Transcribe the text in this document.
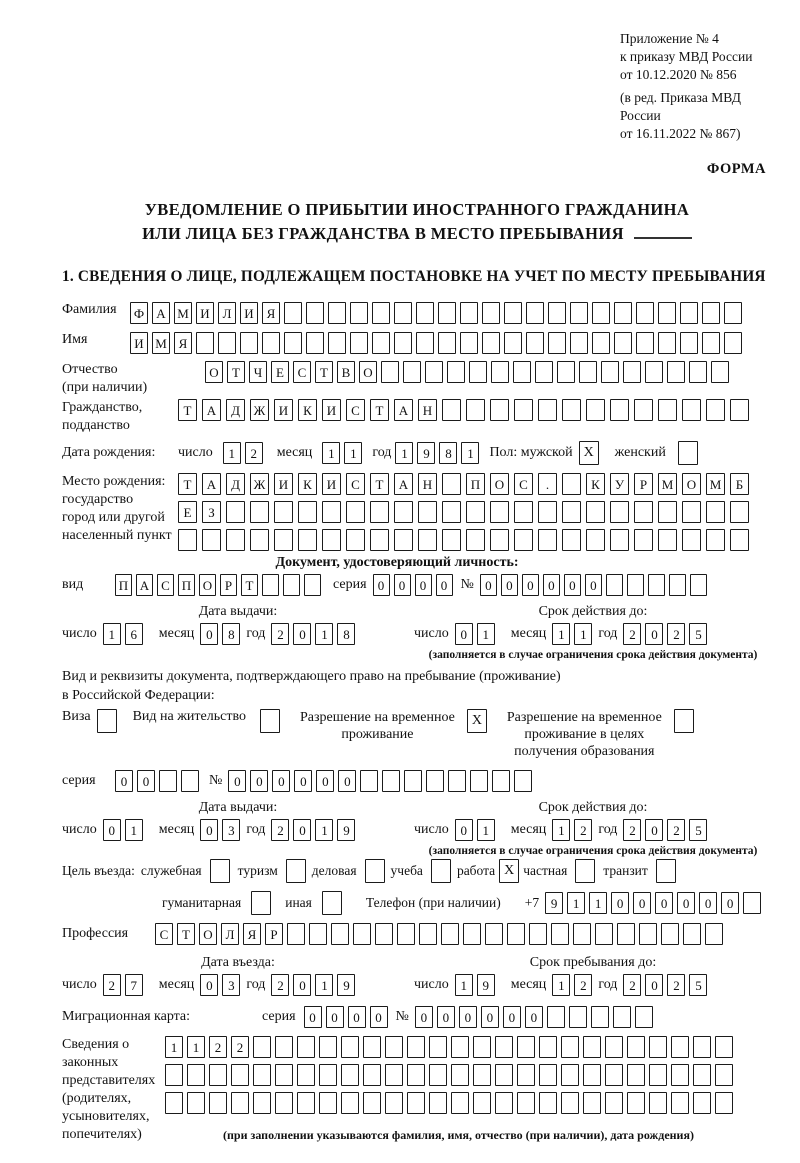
Приложение № 4
к приказу МВД России
от 10.12.2020 № 856
(в ред. Приказа МВД России
от 16.11.2022 № 867)
ФОРМА
УВЕДОМЛЕНИЕ О ПРИБЫТИИ ИНОСТРАННОГО ГРАЖДАНИНА
ИЛИ ЛИЦА БЕЗ ГРАЖДАНСТВА В МЕСТО ПРЕБЫВАНИЯ
1. СВЕДЕНИЯ О ЛИЦЕ, ПОДЛЕЖАЩЕМ ПОСТАНОВКЕ НА УЧЕТ ПО МЕСТУ ПРЕБЫВАНИЯ
Фамилия	Ф А М И Л И Я
Имя	И М Я
Отчество
(при наличии)
О	Т	Ч	Е	С	Т	В О
Гражданство,
подданство
Т	А	Д	Ж	И	К	И	С	Т	А	Н
Дата рождения:	число	1	2	месяц	1	1	год 1	9	8	1	Пол: мужской X	женский
Место рождения:
государство
город или другой
населенный пункт
Т	А	Д	Ж	И	К	И	С	Т	А	Н	П	О	С	.	К	У	Р	М	О	М	Б
Е	З
Документ, удостоверяющий личность:
вид	П А С П О Р	Т	серия 0	0	0	0 № 0	0	0	0	0	0
Дата выдачи:
число 1	6	месяц 0	8 год 2	0	1	8
Срок действия до:
число 0	1	месяц 1	1 год 2	0	2	5
(заполняется в случае ограничения срока действия документа)
Вид и реквизиты документа, подтверждающего право на пребывание (проживание)
в Российской Федерации:
Виза	Вид на жительство	Разрешение на временное
проживание
X	Разрешение на временное
проживание в целях
получения образования
серия	0	0	№ 0	0	0	0	0	0
Дата выдачи:
число 0	1	месяц 0	3 год 2	0	1	9
Срок действия до:
число 0	1	месяц 1	2 год 2	0	2	5
(заполняется в случае ограничения срока действия документа)
Цель въезда: служебная	туризм	деловая	учеба	работа X частная	транзит
гуманитарная	иная	Телефон (при наличии) +7 9	1	1	0	0	0	0	0	0
Профессия	С	Т	О Л	Я	Р
Дата въезда:
число 2	7	месяц 0	3 год 2	0	1	9
Срок пребывания до:
число 1	9	месяц 1	2 год 2	0	2	5
Миграционная карта:	серия	0	0	0	0 № 0	0	0	0	0	0
Сведения о
законных
представителях
(родителях,
усыновителях,
попечителях)
1	1	2	2
(при заполнении указываются фамилия, имя, отчество (при наличии), дата рождения)
